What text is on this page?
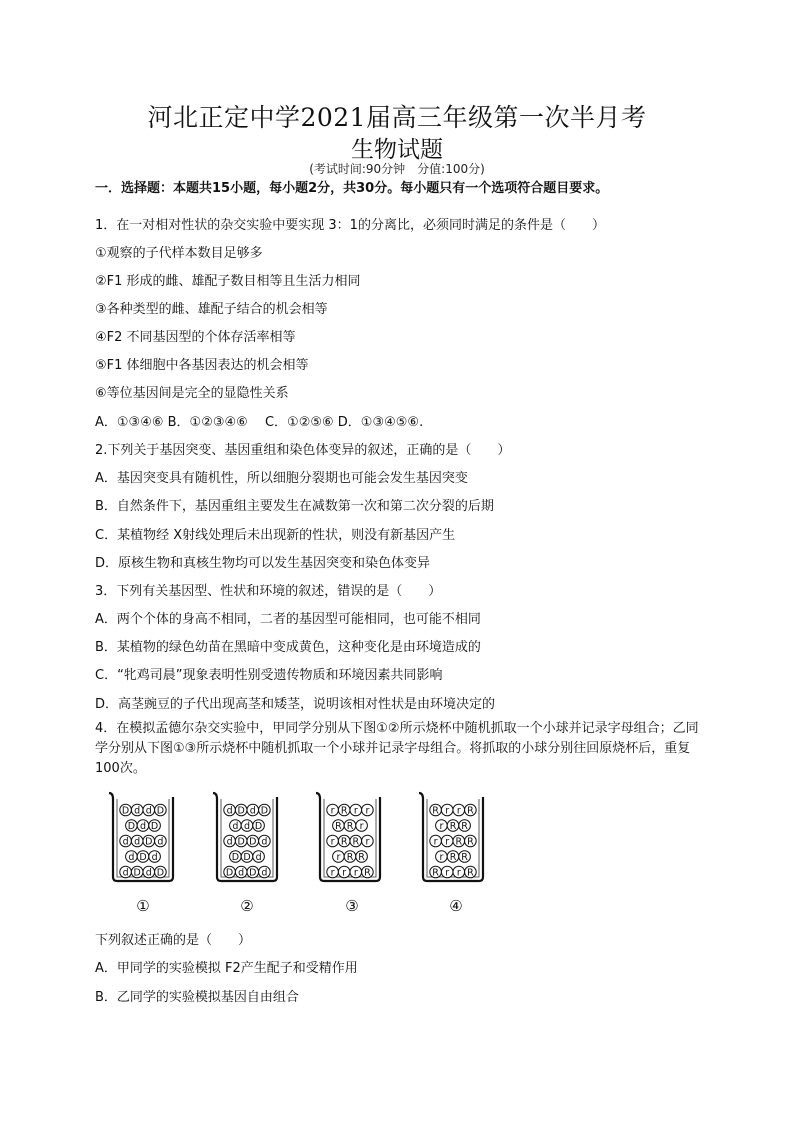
河北正定中学2021届高三年级第一次半月考
生物试题
(考试时间:90分钟　分值:100分)
一．选择题：本题共15小题，每小题2分，共30分。每小题只有一个选项符合题目要求。
1．在一对相对性状的杂交实验中要实现 3：1的分离比，必须同时满足的条件是（　　）
①观察的子代样本数目足够多
②F1 形成的雌、雄配子数目相等且生活力相同
③各种类型的雌、雄配子结合的机会相等
④F2 不同基因型的个体存活率相等
⑤F1 体细胞中各基因表达的机会相等
⑥等位基因间是完全的显隐性关系
A．①③④⑥ B．①②③④⑥　 C．①②⑤⑥ D．①③④⑤⑥.
2.下列关于基因突变、基因重组和染色体变异的叙述，正确的是（　　）
A．基因突变具有随机性，所以细胞分裂期也可能会发生基因突变
B．自然条件下，基因重组主要发生在减数第一次和第二次分裂的后期
C．某植物经 X射线处理后未出现新的性状，则没有新基因产生
D．原核生物和真核生物均可以发生基因突变和染色体变异
3．下列有关基因型、性状和环境的叙述，错误的是（　　）
A．两个个体的身高不相同，二者的基因型可能相同，也可能不相同
B．某植物的绿色幼苗在黑暗中变成黄色，这种变化是由环境造成的
C．“牝鸡司晨”现象表明性别受遗传物质和环境因素共同影响
D．高茎豌豆的子代出现高茎和矮茎，说明该相对性状是由环境决定的
4．在模拟孟德尔杂交实验中，甲同学分别从下图①②所示烧杯中随机抓取一个小球并记录字母组合；乙同学分别从下图①③所示烧杯中随机抓取一个小球并记录字母组合。将抓取的小球分别往回原烧杯后，重复100次。
D d d D
D d D
d d D d
d D d
d D d D
d D d D
d d D
d D D d
D D d
D d D d
r R r r
R R r
r R R r
r R R
r r r R
R r r R
r R R
r r R R
r R R
R r r R
①	②	③	④
下列叙述正确的是（　　）
A．甲同学的实验模拟 F2产生配子和受精作用
B．乙同学的实验模拟基因自由组合
